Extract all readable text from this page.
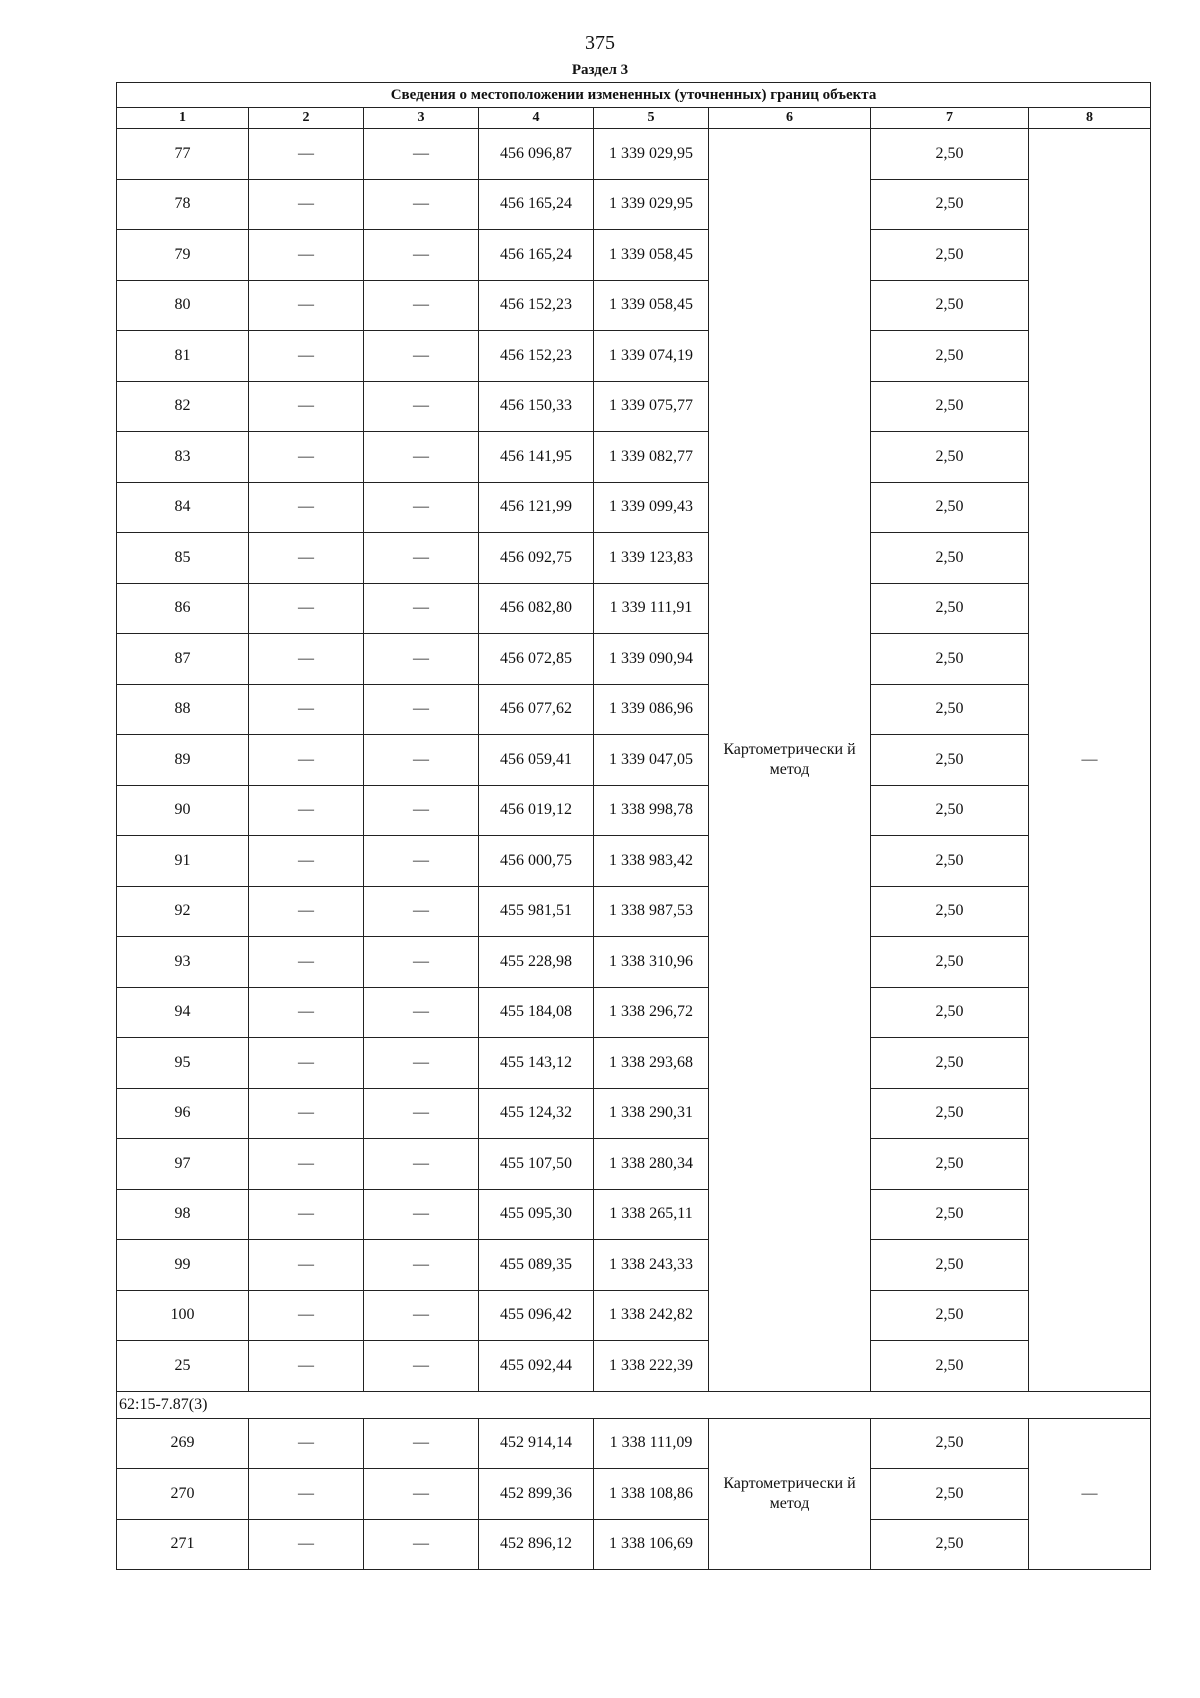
375
Раздел 3
Сведения о местоположении измененных (уточненных) границ объекта							
1	2	3	4	5	6	7	8
77	—	—	456 096,87	1 339 029,95	Картометрически й метод	2,50	—
78	—	—	456 165,24	1 339 029,95		2,50	
79	—	—	456 165,24	1 339 058,45		2,50	
80	—	—	456 152,23	1 339 058,45		2,50	
81	—	—	456 152,23	1 339 074,19		2,50	
82	—	—	456 150,33	1 339 075,77		2,50	
83	—	—	456 141,95	1 339 082,77		2,50	
84	—	—	456 121,99	1 339 099,43		2,50	
85	—	—	456 092,75	1 339 123,83		2,50	
86	—	—	456 082,80	1 339 111,91		2,50	
87	—	—	456 072,85	1 339 090,94		2,50	
88	—	—	456 077,62	1 339 086,96		2,50	
89	—	—	456 059,41	1 339 047,05		2,50	
90	—	—	456 019,12	1 338 998,78		2,50	
91	—	—	456 000,75	1 338 983,42		2,50	
92	—	—	455 981,51	1 338 987,53		2,50	
93	—	—	455 228,98	1 338 310,96		2,50	
94	—	—	455 184,08	1 338 296,72		2,50	
95	—	—	455 143,12	1 338 293,68		2,50	
96	—	—	455 124,32	1 338 290,31		2,50	
97	—	—	455 107,50	1 338 280,34		2,50	
98	—	—	455 095,30	1 338 265,11		2,50	
99	—	—	455 089,35	1 338 243,33		2,50	
100	—	—	455 096,42	1 338 242,82		2,50	
25	—	—	455 092,44	1 338 222,39		2,50	
62:15-7.87(3)							
269	—	—	452 914,14	1 338 111,09	Картометрически й метод	2,50	—
270	—	—	452 899,36	1 338 108,86		2,50	
271	—	—	452 896,12	1 338 106,69		2,50	
